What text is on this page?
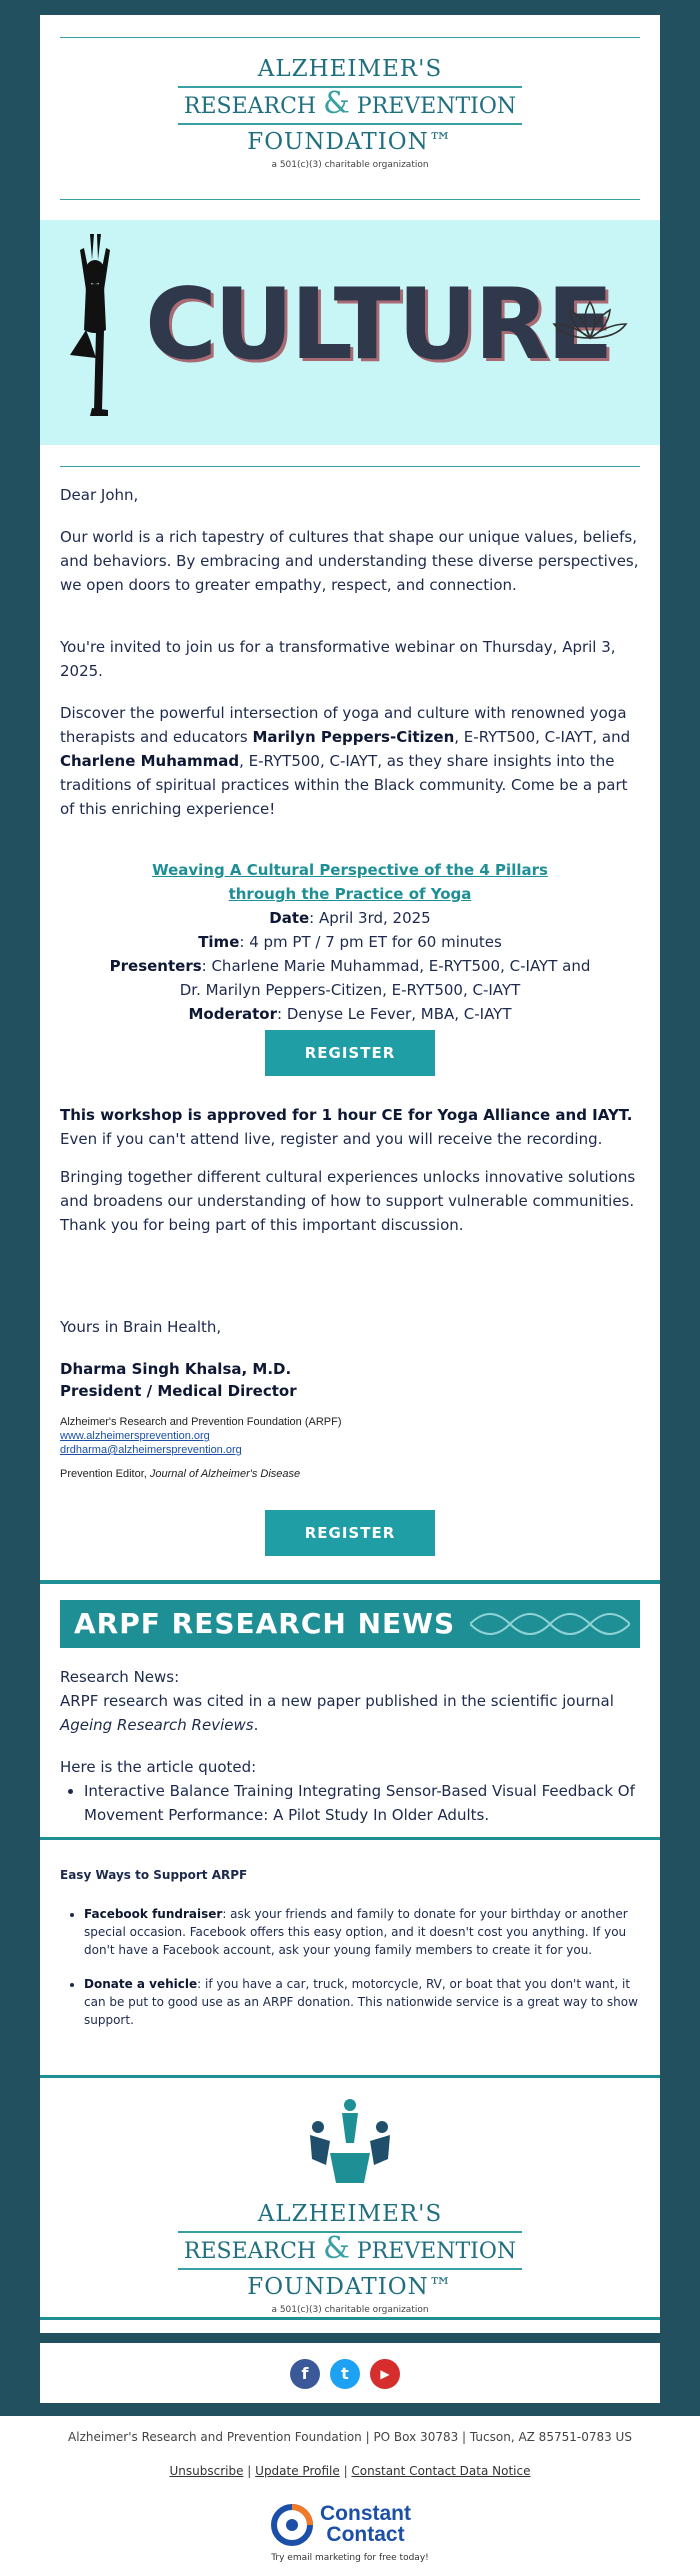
ALZHEIMER'S
RESEARCH & PREVENTION
FOUNDATION™
a 501(c)(3) charitable organization
CULTURE
Dear John,
Our world is a rich tapestry of cultures that shape our unique values, beliefs, and behaviors. By embracing and understanding these diverse perspectives, we open doors to greater empathy, respect, and connection.
You're invited to join us for a transformative webinar on Thursday, April 3, 2025.
Discover the powerful intersection of yoga and culture with renowned yoga therapists and educators Marilyn Peppers-Citizen, E-RYT500, C-IAYT, and Charlene Muhammad, E-RYT500, C-IAYT, as they share insights into the traditions of spiritual practices within the Black community. Come be a part of this enriching experience!
Weaving A Cultural Perspective of the 4 Pillars
through the Practice of Yoga
Date: April 3rd, 2025
Time: 4 pm PT / 7 pm ET for 60 minutes
Presenters: Charlene Marie Muhammad, E-RYT500, C-IAYT and Dr. Marilyn Peppers-Citizen, E-RYT500, C-IAYT
Moderator: Denyse Le Fever, MBA, C-IAYT
REGISTER
This workshop is approved for 1 hour CE for Yoga Alliance and IAYT.
Even if you can't attend live, register and you will receive the recording.
Bringing together different cultural experiences unlocks innovative solutions and broadens our understanding of how to support vulnerable communities. Thank you for being part of this important discussion.
Yours in Brain Health,
Dharma Singh Khalsa, M.D.
President / Medical Director
Alzheimer's Research and Prevention Foundation (ARPF)
www.alzheimersprevention.org
drdharma@alzheimersprevention.org
Prevention Editor, Journal of Alzheimer's Disease
REGISTER
ARPF RESEARCH NEWS
Research News:
ARPF research was cited in a new paper published in the scientific journal Ageing Research Reviews.
Here is the article quoted:
• Interactive Balance Training Integrating Sensor-Based Visual Feedback Of Movement Performance: A Pilot Study In Older Adults.
Easy Ways to Support ARPF
• Facebook fundraiser: ask your friends and family to donate for your birthday or another special occasion. Facebook offers this easy option, and it doesn't cost you anything. If you don't have a Facebook account, ask your young family members to create it for you.
• Donate a vehicle: if you have a car, truck, motorcycle, RV, or boat that you don't want, it can be put to good use as an ARPF donation. This nationwide service is a great way to show support.
ALZHEIMER'S
RESEARCH & PREVENTION
FOUNDATION™
a 501(c)(3) charitable organization
f	t	▶
Alzheimer's Research and Prevention Foundation | PO Box 30783 | Tucson, AZ 85751-0783 US
Unsubscribe | Update Profile | Constant Contact Data Notice
Constant
Contact
Try email marketing for free today!
